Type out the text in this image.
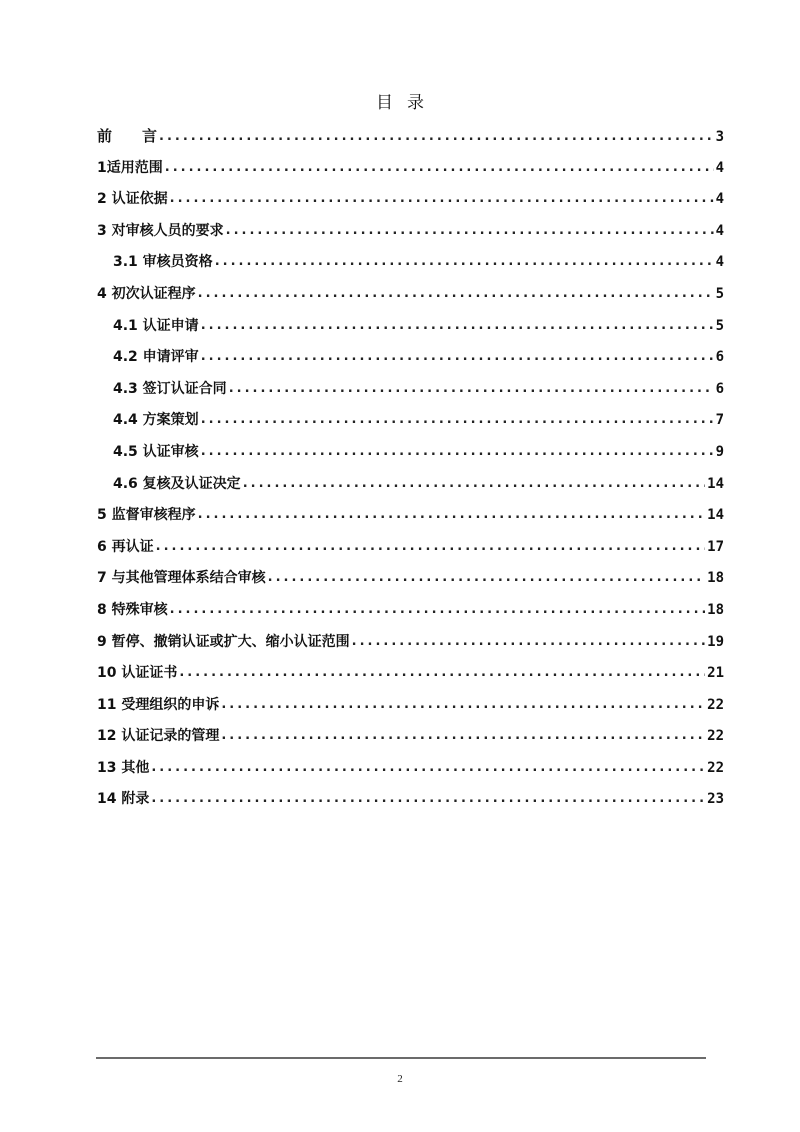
目录
前　　言 .....	3
1适用范围 .....	4
2 认证依据 .....	4
3 对审核人员的要求 .....	4
3.1 审核员资格 .....	4
4 初次认证程序 .....	5
4.1 认证申请 .....	5
4.2 申请评审 .....	6
4.3 签订认证合同 .....	6
4.4 方案策划 .....	7
4.5 认证审核 .....	9
4.6 复核及认证决定 .....	14
5 监督审核程序 .....	14
6 再认证 .....	17
7 与其他管理体系结合审核 .....	18
8 特殊审核 .....	18
9 暂停、撤销认证或扩大、缩小认证范围 .....	19
10 认证证书 .....	21
11 受理组织的申诉 .....	22
12 认证记录的管理 .....	22
13 其他 .....	22
14 附录 .....	23
2
